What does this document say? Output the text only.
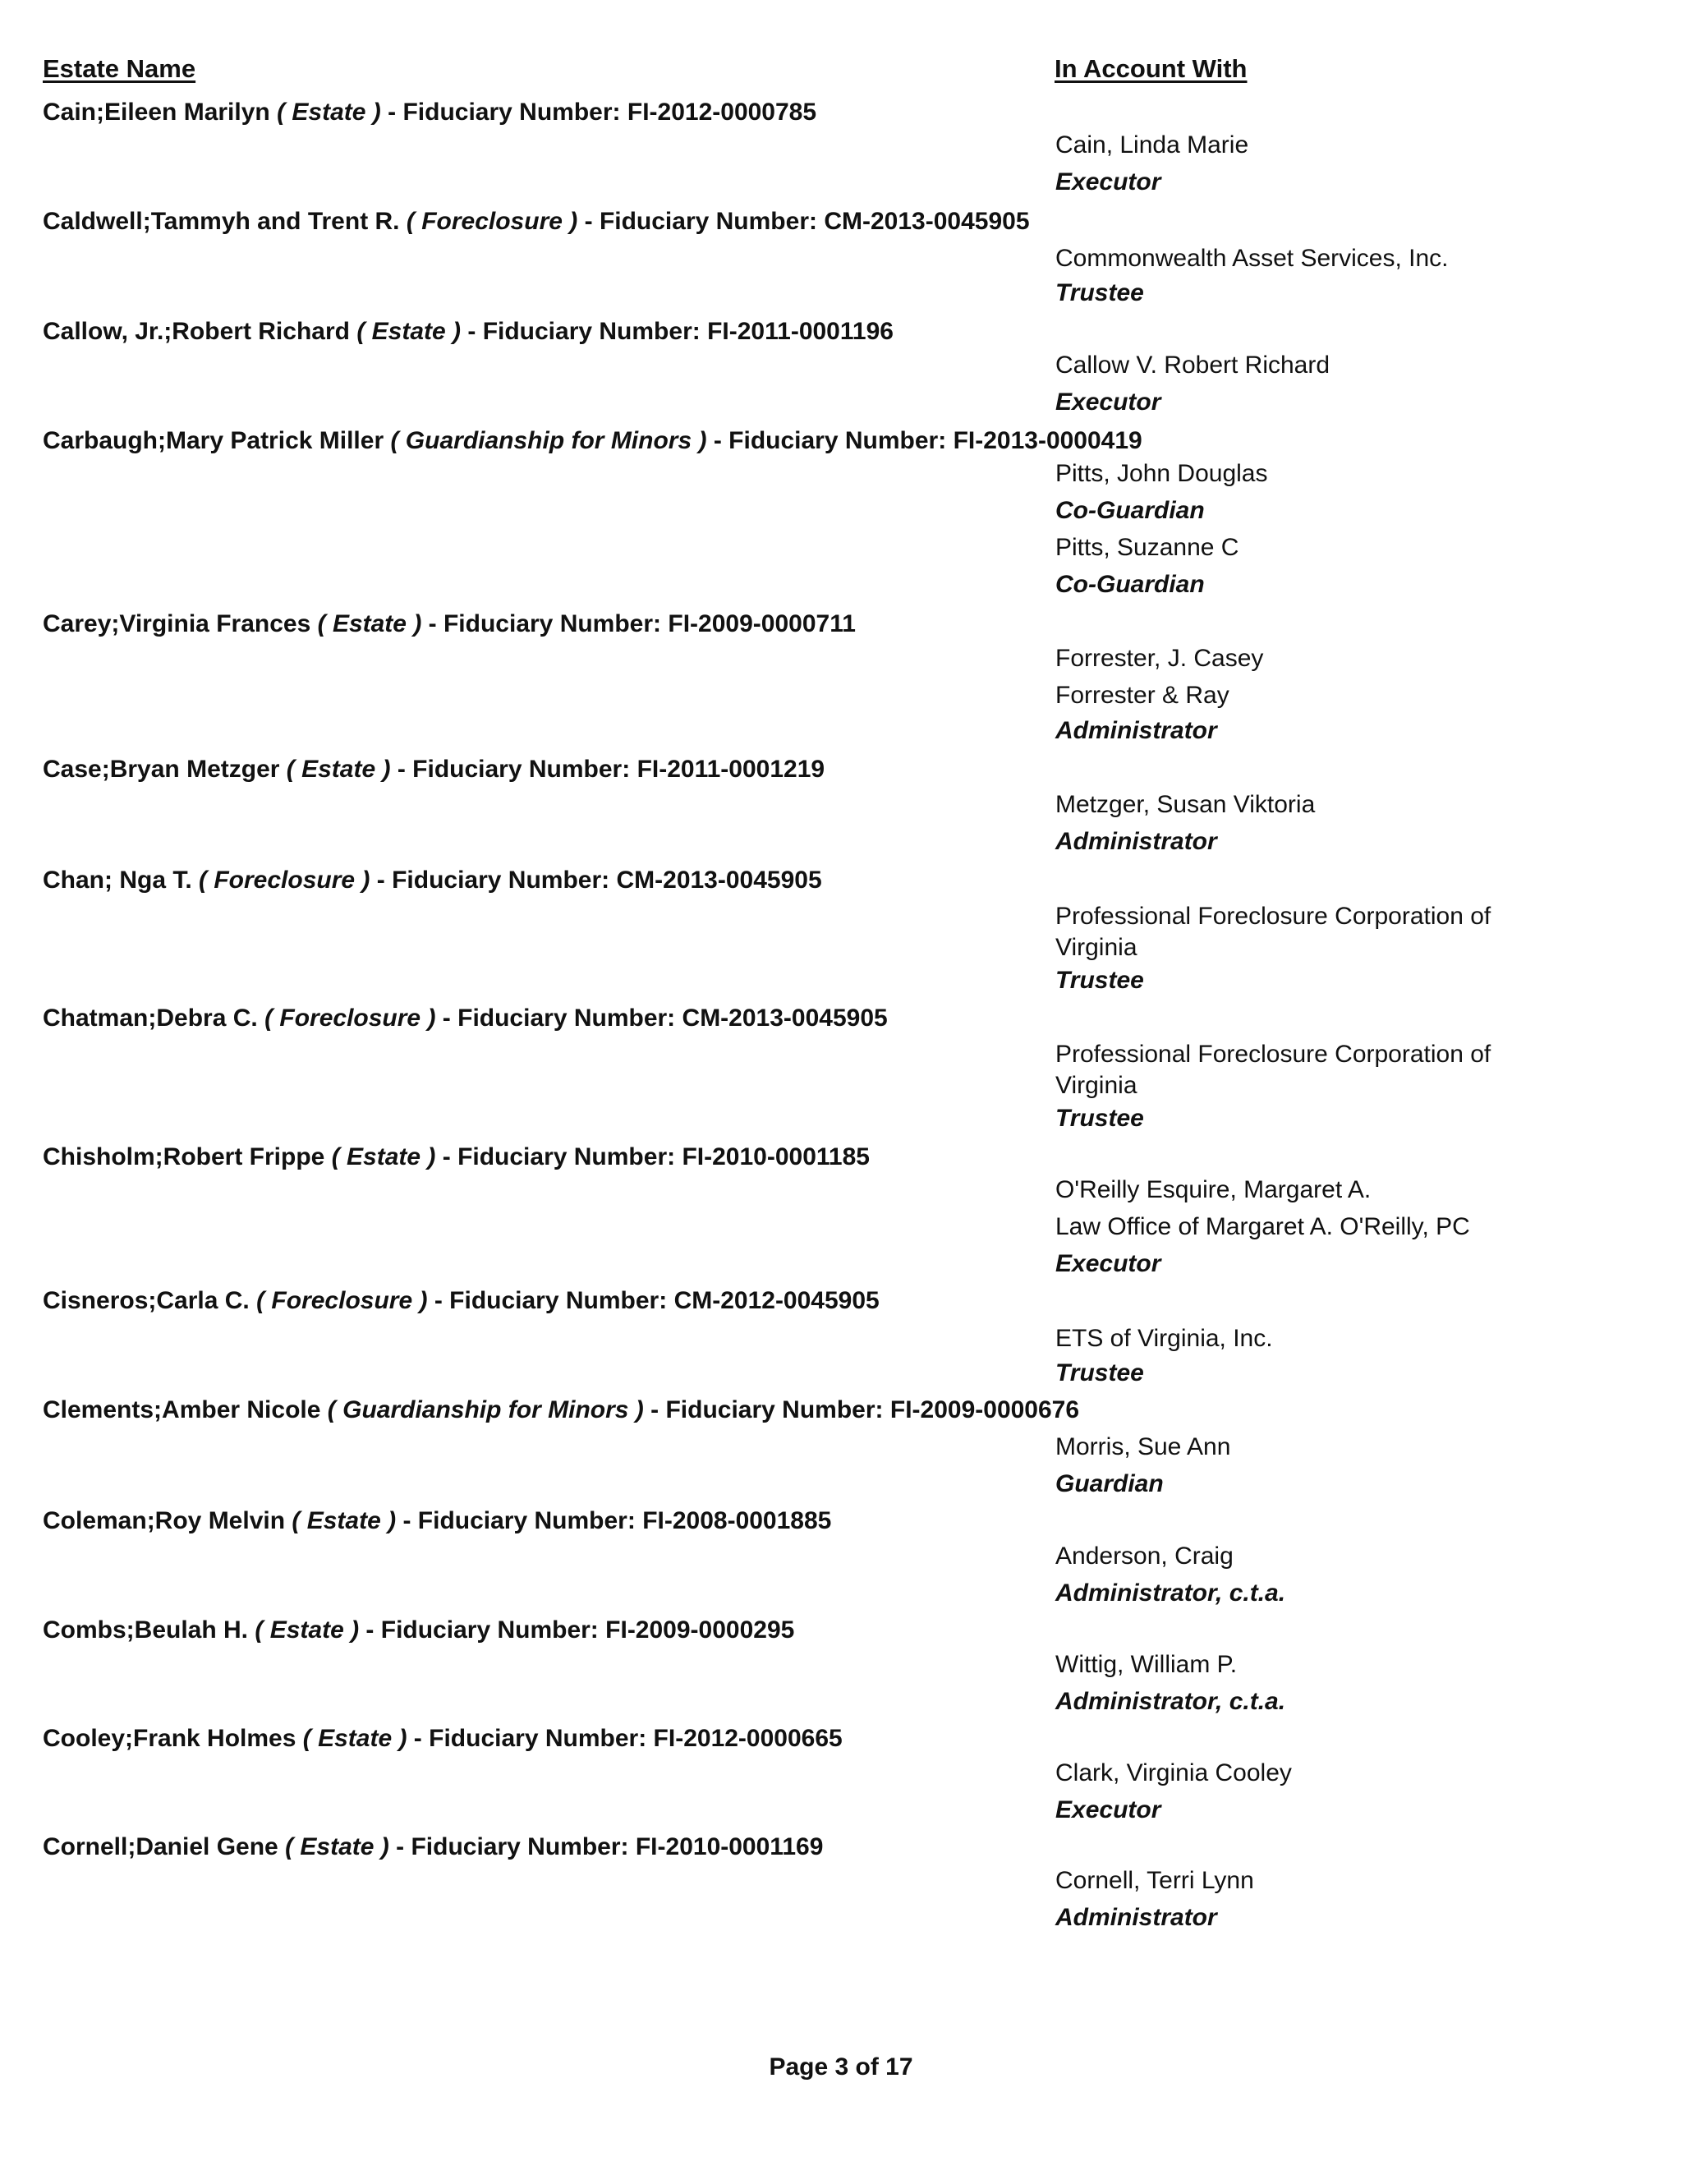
Estate Name	In Account With
Cain;Eileen Marilyn ( Estate ) - Fiduciary Number: FI-2012-0000785
Cain, Linda Marie
Executor
Caldwell;Tammyh and Trent R. ( Foreclosure ) - Fiduciary Number: CM-2013-0045905
Commonwealth Asset Services, Inc.
Trustee
Callow, Jr.;Robert Richard ( Estate ) - Fiduciary Number: FI-2011-0001196
Callow V. Robert Richard
Executor
Carbaugh;Mary Patrick Miller ( Guardianship for Minors ) - Fiduciary Number: FI-2013-0000419
Pitts, John Douglas
Co-Guardian
Pitts, Suzanne C
Co-Guardian
Carey;Virginia Frances ( Estate ) - Fiduciary Number: FI-2009-0000711
Forrester, J. Casey
Forrester & Ray
Administrator
Case;Bryan Metzger ( Estate ) - Fiduciary Number: FI-2011-0001219
Metzger, Susan Viktoria
Administrator
Chan; Nga T. ( Foreclosure ) - Fiduciary Number: CM-2013-0045905
Professional Foreclosure Corporation of Virginia
Trustee
Chatman;Debra C. ( Foreclosure ) - Fiduciary Number: CM-2013-0045905
Professional Foreclosure Corporation of Virginia
Trustee
Chisholm;Robert Frippe ( Estate ) - Fiduciary Number: FI-2010-0001185
O'Reilly Esquire, Margaret A.
Law Office of Margaret A. O'Reilly, PC
Executor
Cisneros;Carla C. ( Foreclosure ) - Fiduciary Number: CM-2012-0045905
ETS of Virginia, Inc.
Trustee
Clements;Amber Nicole ( Guardianship for Minors ) - Fiduciary Number: FI-2009-0000676
Morris, Sue Ann
Guardian
Coleman;Roy Melvin ( Estate ) - Fiduciary Number: FI-2008-0001885
Anderson, Craig
Administrator, c.t.a.
Combs;Beulah H. ( Estate ) - Fiduciary Number: FI-2009-0000295
Wittig, William P.
Administrator, c.t.a.
Cooley;Frank Holmes ( Estate ) - Fiduciary Number: FI-2012-0000665
Clark, Virginia Cooley
Executor
Cornell;Daniel Gene ( Estate ) - Fiduciary Number: FI-2010-0001169
Cornell, Terri Lynn
Administrator
Page 3 of 17
